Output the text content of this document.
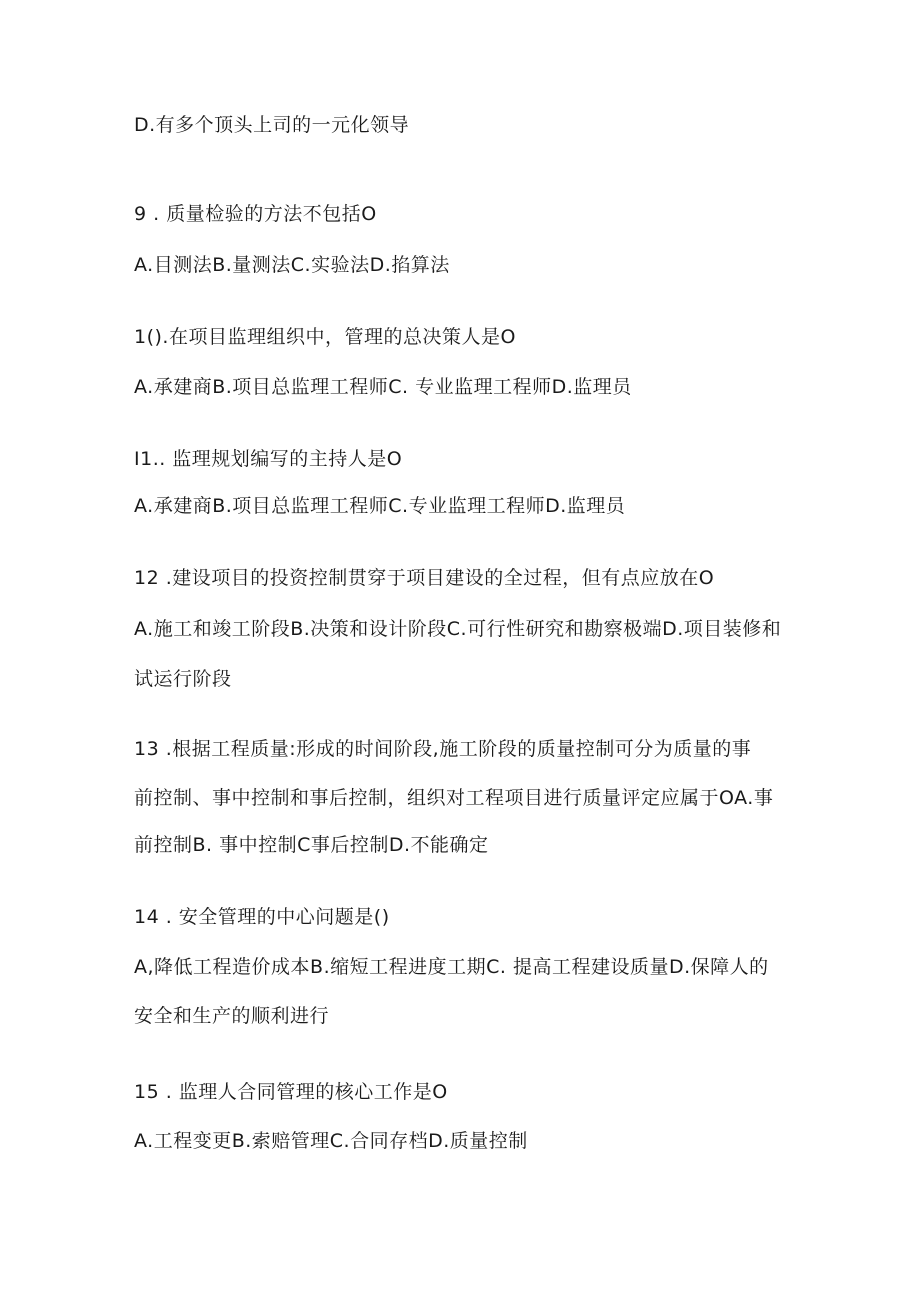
D.有多个顶头上司的一元化领导
9 . 质量检验的方法不包括O
A.目测法B.量测法C.实验法D.掐算法
1().在项目监理组织中，管理的总决策人是O
A.承建商B.项目总监理工程师C. 专业监理工程师D.监理员
I1.. 监理规划编写的主持人是O
A.承建商B.项目总监理工程师C.专业监理工程师D.监理员
12 .建设项目的投资控制贯穿于项目建设的全过程，但有点应放在O
A.施工和竣工阶段B.决策和设计阶段C.可行性研究和勘察极端D.项目装修和
试运行阶段
13 .根据工程质量:形成的时间阶段,施工阶段的质量控制可分为质量的事
前控制、事中控制和事后控制，组织对工程项目进行质量评定应属于OA.事
前控制B. 事中控制C事后控制D.不能确定
14 . 安全管理的中心问题是()
A,降低工程造价成本B.缩短工程进度工期C. 提高工程建设质量D.保障人的
安全和生产的顺利进行
15 . 监理人合同管理的核心工作是O
A.工程变更B.索赔管理C.合同存档D.质量控制
